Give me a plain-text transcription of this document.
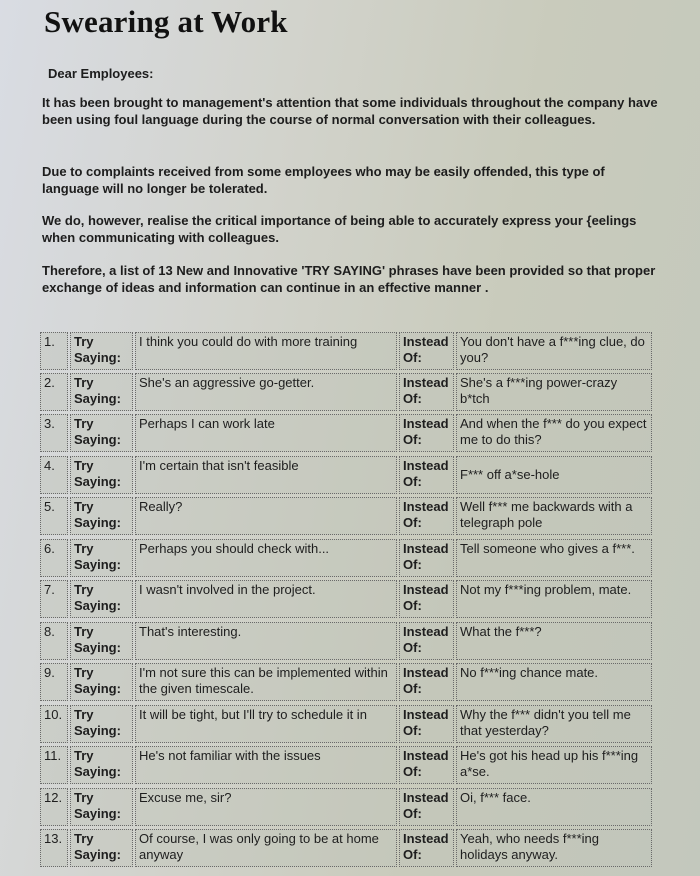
Swearing at Work
Dear Employees:
It has been brought to management's attention that some individuals throughout the company have been using foul language during the course of normal conversation with their colleagues.
Due to complaints received from some employees who may be easily offended, this type of language will no longer be tolerated.
We do, however, realise the critical importance of being able to accurately express your {eelings when communicating with colleagues.
Therefore, a list of 13 New and Innovative 'TRY SAYING' phrases have been provided so that proper exchange of ideas and information can continue in an effective manner .
1.	Try
Saying:
I think you could do with more training	Instead
Of:
You don't have a f***ing clue, do you?
2.	Try
Saying:
She's an aggressive go-getter.	Instead
Of:
She's a f***ing power-crazy b*tch
3.	Try
Saying:
Perhaps I can work late	Instead
Of:
And when the f*** do you expect me to do this?
4.	Try
Saying:
I'm certain that isn't feasible	Instead
Of:	F*** off a*se-hole
5.	Try
Saying:
Really?	Instead
Of:
Well f*** me backwards with a telegraph pole
6.	Try
Saying:
Perhaps you should check with...	Instead
Of:
Tell someone who gives a f***.
7.	Try
Saying:
I wasn't involved in the project.	Instead
Of:
Not my f***ing problem, mate.
8.	Try
Saying:
That's interesting.	Instead
Of:
What the f***?
9.	Try
Saying:
I'm not sure this can be implemented within the given timescale.
Instead
Of:
No f***ing chance mate.
10. Try
Saying:
It will be tight, but I'll try to schedule it in	Instead
Of:
Why the f*** didn't you tell me that yesterday?
11. Try
Saying:
He's not familiar with the issues	Instead
Of:
He's got his head up his f***ing a*se.
12. Try
Saying:
Excuse me, sir?	Instead
Of:
Oi, f*** face.
13. Try
Saying:
Of course, I was only going to be at home anyway
Instead
Of:
Yeah, who needs f***ing holidays anyway.
